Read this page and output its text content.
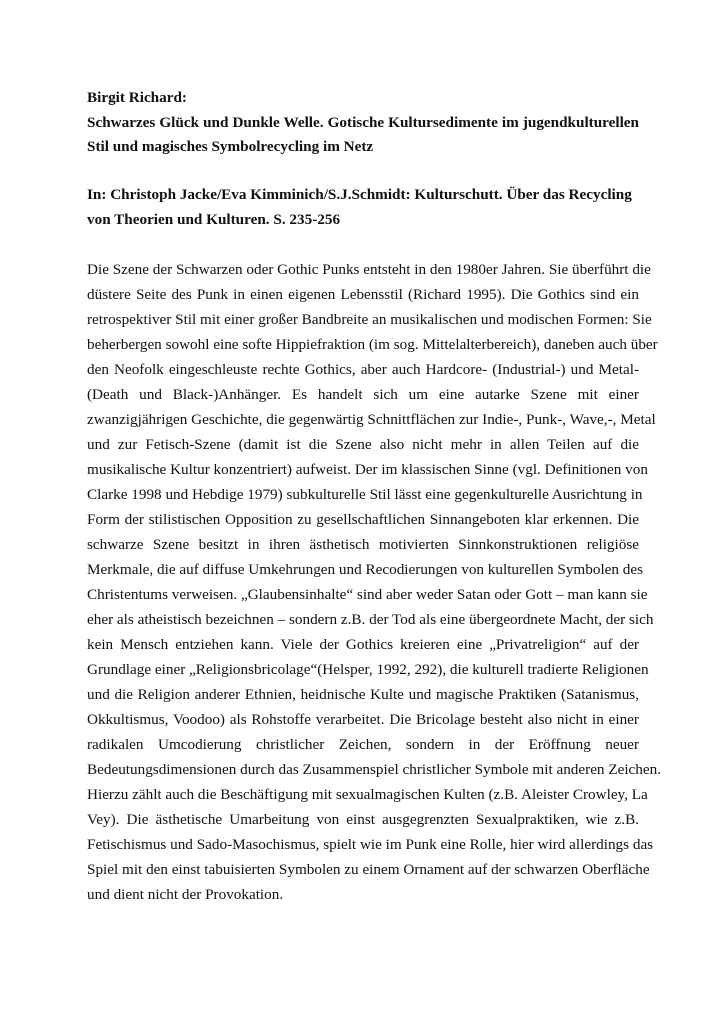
Birgit Richard:

Schwarzes Glück und Dunkle Welle. Gotische Kultursedimente im jugendkulturellen Stil und magisches Symbolrecycling im Netz

In: Christoph Jacke/Eva Kimminich/S.J.Schmidt: Kulturschutt. Über das Recycling von Theorien und Kulturen. S. 235-256

Die Szene der Schwarzen oder Gothic Punks entsteht in den 1980er Jahren. Sie überführt die
düstere Seite des Punk in einen eigenen Lebensstil (Richard 1995). Die Gothics sind ein
retrospektiver Stil mit einer großer Bandbreite an musikalischen und modischen Formen: Sie
beherbergen sowohl eine softe Hippiefraktion (im sog. Mittelalterbereich), daneben auch über
den Neofolk eingeschleuste rechte Gothics, aber auch Hardcore- (Industrial-) und Metal-
(Death und Black-)Anhänger. Es handelt sich um eine autarke Szene mit einer
zwanzigjährigen Geschichte, die gegenwärtig Schnittflächen zur Indie-, Punk-, Wave,-, Metal
und zur Fetisch-Szene (damit ist die Szene also nicht mehr in allen Teilen auf die
musikalische Kultur konzentriert) aufweist. Der im klassischen Sinne (vgl. Definitionen von
Clarke 1998 und Hebdige 1979) subkulturelle Stil lässt eine gegenkulturelle Ausrichtung in
Form der stilistischen Opposition zu gesellschaftlichen Sinnangeboten klar erkennen. Die
schwarze Szene besitzt in ihren ästhetisch motivierten Sinnkonstruktionen religiöse
Merkmale, die auf diffuse Umkehrungen und Recodierungen von kulturellen Symbolen des
Christentums verweisen. „Glaubensinhalte“ sind aber weder Satan oder Gott – man kann sie
eher als atheistisch bezeichnen – sondern z.B. der Tod als eine übergeordnete Macht, der sich
kein Mensch entziehen kann. Viele der Gothics kreieren eine „Privatreligion“ auf der
Grundlage einer „Religionsbricolage“(Helsper, 1992, 292), die kulturell tradierte Religionen
und die Religion anderer Ethnien, heidnische Kulte und magische Praktiken (Satanismus,
Okkultismus, Voodoo) als Rohstoffe verarbeitet. Die Bricolage besteht also nicht in einer
radikalen Umcodierung christlicher Zeichen, sondern in der Eröffnung neuer
Bedeutungsdimensionen durch das Zusammenspiel christlicher Symbole mit anderen Zeichen.
Hierzu zählt auch die Beschäftigung mit sexualmagischen Kulten (z.B. Aleister Crowley, La
Vey). Die ästhetische Umarbeitung von einst ausgegrenzten Sexualpraktiken, wie z.B.
Fetischismus und Sado-Masochismus, spielt wie im Punk eine Rolle, hier wird allerdings das
Spiel mit den einst tabuisierten Symbolen zu einem Ornament auf der schwarzen Oberfläche
und dient nicht der Provokation.
